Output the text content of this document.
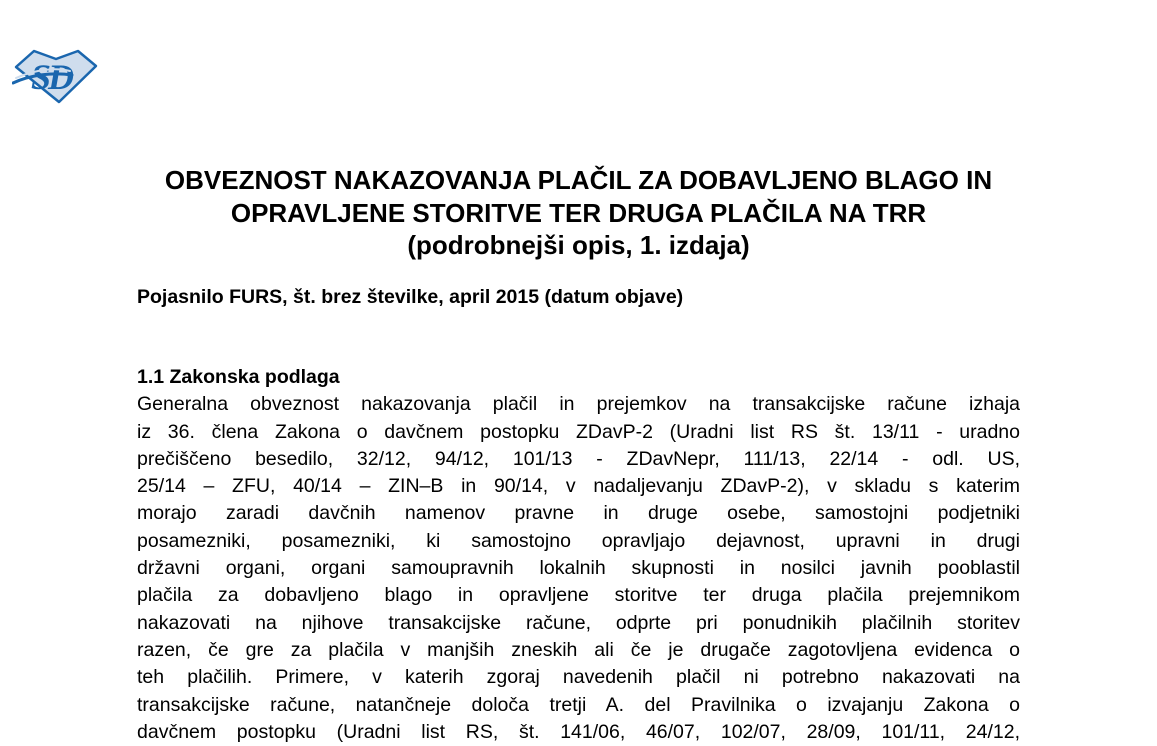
SD
OBVEZNOST NAKAZOVANJA PLAČIL ZA DOBAVLJENO BLAGO IN
OPRAVLJENE STORITVE TER DRUGA PLAČILA NA TRR
(podrobnejši opis, 1. izdaja)
Pojasnilo FURS, št. brez številke, april 2015 (datum objave)
1.1 Zakonska podlaga
Generalna obveznost nakazovanja plačil in prejemkov na transakcijske račune izhaja
iz 36. člena Zakona o davčnem postopku ZDavP-2 (Uradni list RS št. 13/11 - uradno
prečiščeno besedilo, 32/12, 94/12, 101/13 - ZDavNepr, 111/13, 22/14 - odl. US,
25/14 – ZFU, 40/14 – ZIN–B in 90/14, v nadaljevanju ZDavP-2), v skladu s katerim
morajo zaradi davčnih namenov pravne in druge osebe, samostojni podjetniki
posamezniki, posamezniki, ki samostojno opravljajo dejavnost, upravni in drugi
državni organi, organi samoupravnih lokalnih skupnosti in nosilci javnih pooblastil
plačila za dobavljeno blago in opravljene storitve ter druga plačila prejemnikom
nakazovati na njihove transakcijske račune, odprte pri ponudnikih plačilnih storitev
razen, če gre za plačila v manjših zneskih ali če je drugače zagotovljena evidenca o
teh plačilih. Primere, v katerih zgoraj navedenih plačil ni potrebno nakazovati na
transakcijske račune, natančneje določa tretji A. del Pravilnika o izvajanju Zakona o
davčnem postopku (Uradni list RS, št. 141/06, 46/07, 102/07, 28/09, 101/11, 24/12,
